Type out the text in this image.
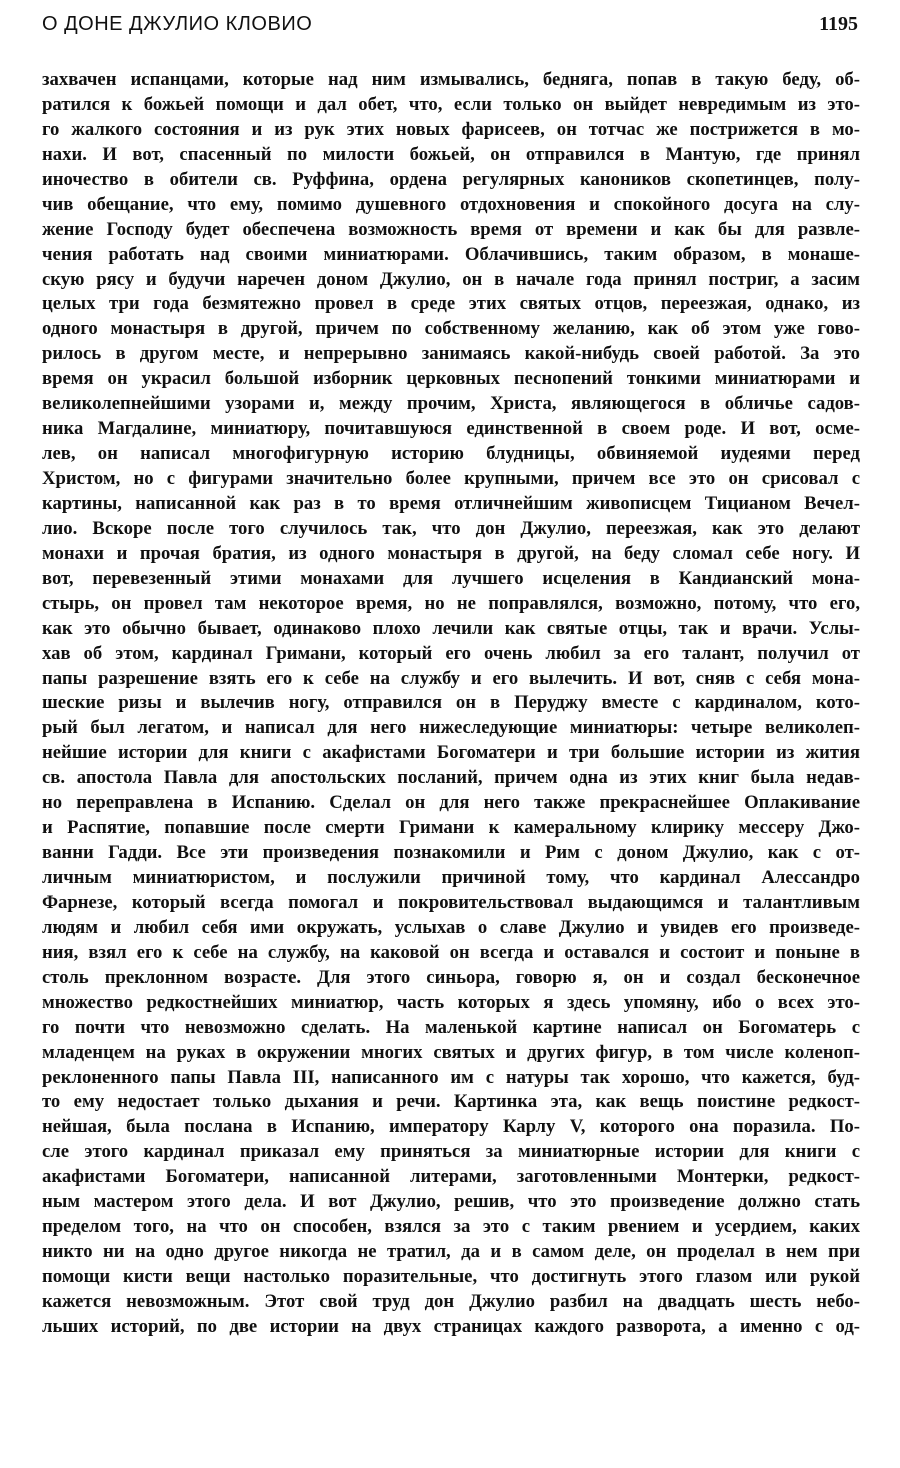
О ДОНЕ ДЖУЛИО КЛОВИО	1195
захвачен испанцами, которые над ним измывались, бедняга, попав в такую беду, об-
ратился к божьей помощи и дал обет, что, если только он выйдет невредимым из это-
го жалкого состояния и из рук этих новых фарисеев, он тотчас же пострижется в мо-
нахи. И вот, спасенный по милости божьей, он отправился в Мантую, где принял
иночество в обители св. Руффина, ордена регулярных каноников скопетинцев, полу-
чив обещание, что ему, помимо душевного отдохновения и спокойного досуга на слу-
жение Господу будет обеспечена возможность время от времени и как бы для развле-
чения работать над своими миниатюрами. Облачившись, таким образом, в монаше-
скую рясу и будучи наречен доном Джулио, он в начале года принял постриг, а засим
целых три года безмятежно провел в среде этих святых отцов, переезжая, однако, из
одного монастыря в другой, причем по собственному желанию, как об этом уже гово-
рилось в другом месте, и непрерывно занимаясь какой-нибудь своей работой. За это
время он украсил большой изборник церковных песнопений тонкими миниатюрами и
великолепнейшими узорами и, между прочим, Христа, являющегося в обличье садов-
ника Магдалине, миниатюру, почитавшуюся единственной в своем роде. И вот, осме-
лев, он написал многофигурную историю блудницы, обвиняемой иудеями перед
Христом, но с фигурами значительно более крупными, причем все это он срисовал с
картины, написанной как раз в то время отличнейшим живописцем Тицианом Вечел-
лио. Вскоре после того случилось так, что дон Джулио, переезжая, как это делают
монахи и прочая братия, из одного монастыря в другой, на беду сломал себе ногу. И
вот, перевезенный этими монахами для лучшего исцеления в Кандианский мона-
стырь, он провел там некоторое время, но не поправлялся, возможно, потому, что его,
как это обычно бывает, одинаково плохо лечили как святые отцы, так и врачи. Услы-
хав об этом, кардинал Гримани, который его очень любил за его талант, получил от
папы разрешение взять его к себе на службу и его вылечить. И вот, сняв с себя мона-
шеские ризы и вылечив ногу, отправился он в Перуджу вместе с кардиналом, кото-
рый был легатом, и написал для него нижеследующие миниатюры: четыре великолеп-
нейшие истории для книги с акафистами Богоматери и три большие истории из жития
св. апостола Павла для апостольских посланий, причем одна из этих книг была недав-
но переправлена в Испанию. Сделал он для него также прекраснейшее Оплакивание
и Распятие, попавшие после смерти Гримани к камеральному клирику мессеру Джо-
ванни Гадди. Все эти произведения познакомили и Рим с доном Джулио, как с от-
личным миниатюристом, и послужили причиной тому, что кардинал Алессандро
Фарнезе, который всегда помогал и покровительствовал выдающимся и талантливым
людям и любил себя ими окружать, услыхав о славе Джулио и увидев его произведе-
ния, взял его к себе на службу, на каковой он всегда и оставался и состоит и поныне в
столь преклонном возрасте. Для этого синьора, говорю я, он и создал бесконечное
множество редкостнейших миниатюр, часть которых я здесь упомяну, ибо о всех это-
го почти что невозможно сделать. На маленькой картине написал он Богоматерь с
младенцем на руках в окружении многих святых и других фигур, в том числе коленоп-
реклоненного папы Павла III, написанного им с натуры так хорошо, что кажется, буд-
то ему недостает только дыхания и речи. Картинка эта, как вещь поистине редкост-
нейшая, была послана в Испанию, императору Карлу V, которого она поразила. По-
сле этого кардинал приказал ему приняться за миниатюрные истории для книги с
акафистами Богоматери, написанной литерами, заготовленными Монтерки, редкост-
ным мастером этого дела. И вот Джулио, решив, что это произведение должно стать
пределом того, на что он способен, взялся за это с таким рвением и усердием, каких
никто ни на одно другое никогда не тратил, да и в самом деле, он проделал в нем при
помощи кисти вещи настолько поразительные, что достигнуть этого глазом или рукой
кажется невозможным. Этот свой труд дон Джулио разбил на двадцать шесть небо-
льших историй, по две истории на двух страницах каждого разворота, а именно с од-
